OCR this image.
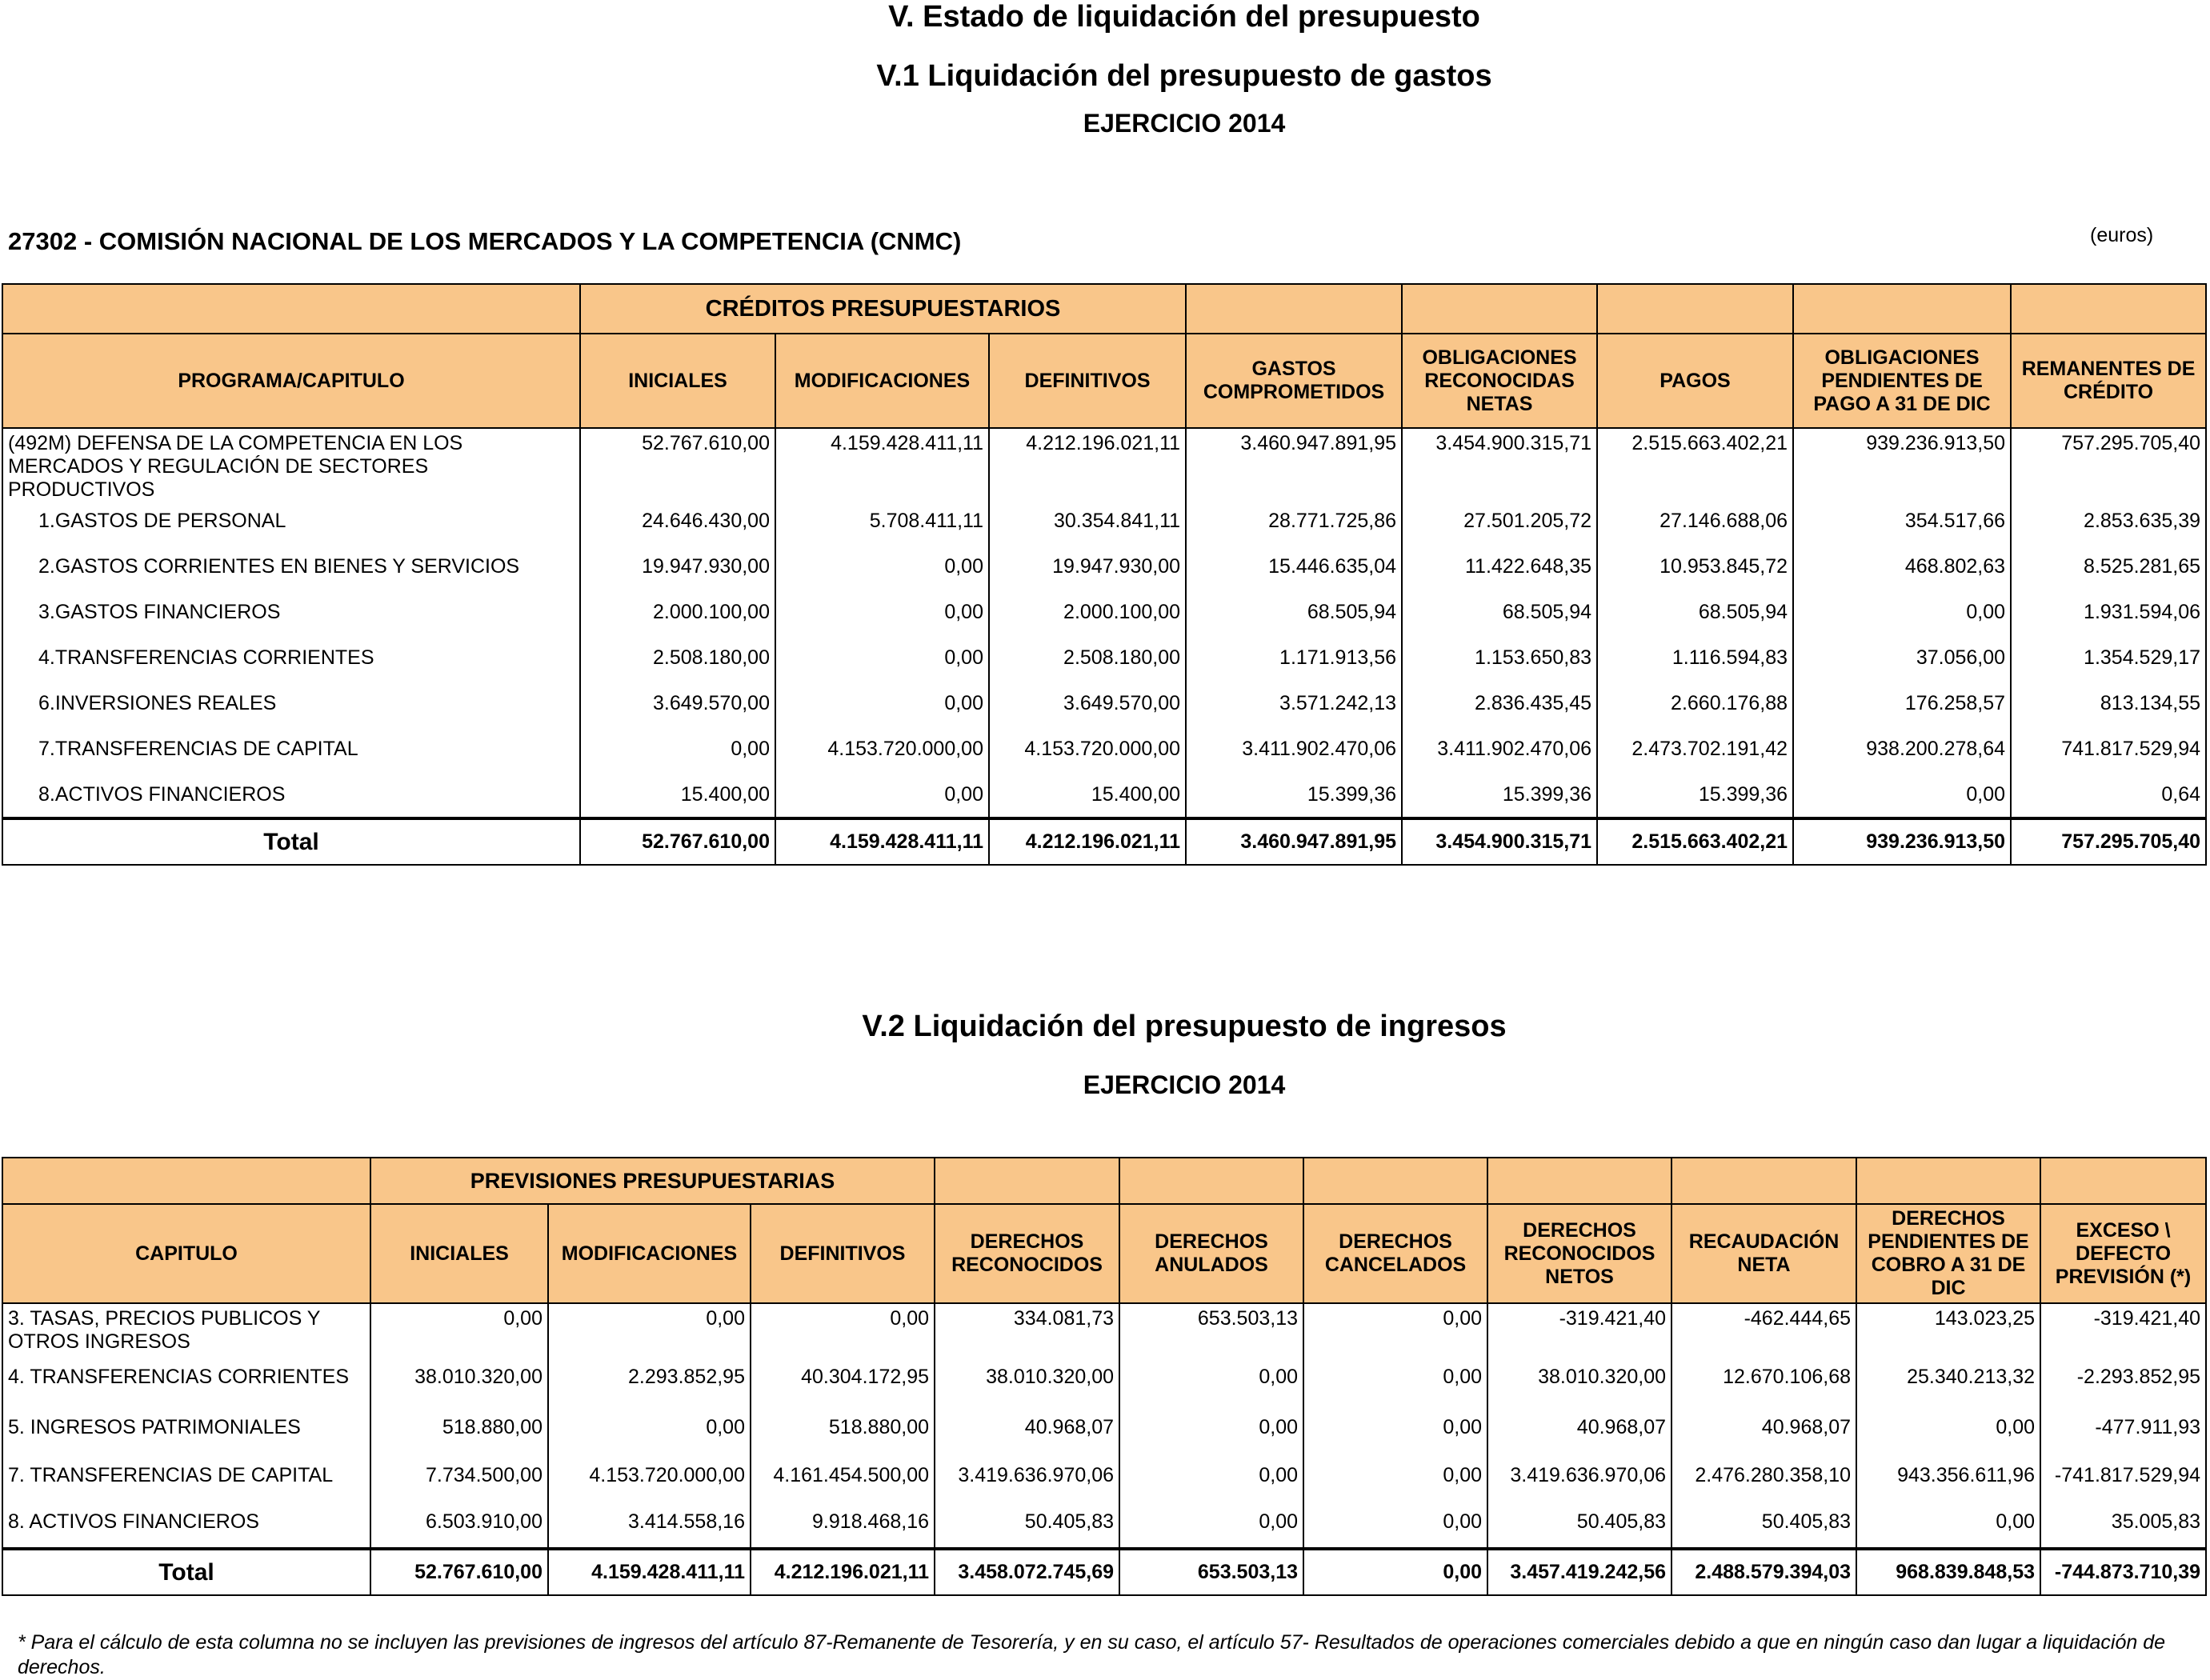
V. Estado de liquidación del presupuesto
V.1 Liquidación del presupuesto de gastos
EJERCICIO 2014
27302 - COMISIÓN NACIONAL DE LOS MERCADOS Y LA COMPETENCIA (CNMC)	(euros)
	CRÉDITOS PRESUPUESTARIOS							
PROGRAMA/CAPITULO	INICIALES	MODIFICACIONES	DEFINITIVOS	GASTOS COMPROMETIDOS	OBLIGACIONES RECONOCIDAS NETAS	PAGOS	OBLIGACIONES PENDIENTES DE PAGO A 31 DE DIC	REMANENTES DE CRÉDITO
(492M) DEFENSA DE LA COMPETENCIA EN LOS MERCADOS Y REGULACIÓN DE SECTORES PRODUCTIVOS	52.767.610,00	4.159.428.411,11	4.212.196.021,11	3.460.947.891,95	3.454.900.315,71	2.515.663.402,21	939.236.913,50	757.295.705,40
1.GASTOS DE PERSONAL	24.646.430,00	5.708.411,11	30.354.841,11	28.771.725,86	27.501.205,72	27.146.688,06	354.517,66	2.853.635,39
2.GASTOS CORRIENTES EN BIENES Y SERVICIOS	19.947.930,00	0,00	19.947.930,00	15.446.635,04	11.422.648,35	10.953.845,72	468.802,63	8.525.281,65
3.GASTOS FINANCIEROS	2.000.100,00	0,00	2.000.100,00	68.505,94	68.505,94	68.505,94	0,00	1.931.594,06
4.TRANSFERENCIAS CORRIENTES	2.508.180,00	0,00	2.508.180,00	1.171.913,56	1.153.650,83	1.116.594,83	37.056,00	1.354.529,17
6.INVERSIONES REALES	3.649.570,00	0,00	3.649.570,00	3.571.242,13	2.836.435,45	2.660.176,88	176.258,57	813.134,55
7.TRANSFERENCIAS DE CAPITAL	0,00	4.153.720.000,00	4.153.720.000,00	3.411.902.470,06	3.411.902.470,06	2.473.702.191,42	938.200.278,64	741.817.529,94
8.ACTIVOS FINANCIEROS	15.400,00	0,00	15.400,00	15.399,36	15.399,36	15.399,36	0,00	0,64
Total	52.767.610,00	4.159.428.411,11	4.212.196.021,11	3.460.947.891,95	3.454.900.315,71	2.515.663.402,21	939.236.913,50	757.295.705,40
V.2 Liquidación del presupuesto de ingresos
EJERCICIO 2014
	PREVISIONES PRESUPUESTARIAS									
CAPITULO	INICIALES	MODIFICACIONES	DEFINITIVOS	DERECHOS RECONOCIDOS	DERECHOS ANULADOS	DERECHOS CANCELADOS	DERECHOS RECONOCIDOS NETOS	RECAUDACIÓN NETA	DERECHOS PENDIENTES DE COBRO A 31 DE DIC	EXCESO \ DEFECTO PREVISIÓN (*)
3. TASAS, PRECIOS PUBLICOS Y OTROS INGRESOS	0,00	0,00	0,00	334.081,73	653.503,13	0,00	-319.421,40	-462.444,65	143.023,25	-319.421,40
4. TRANSFERENCIAS CORRIENTES	38.010.320,00	2.293.852,95	40.304.172,95	38.010.320,00	0,00	0,00	38.010.320,00	12.670.106,68	25.340.213,32	-2.293.852,95
5. INGRESOS PATRIMONIALES	518.880,00	0,00	518.880,00	40.968,07	0,00	0,00	40.968,07	40.968,07	0,00	-477.911,93
7. TRANSFERENCIAS DE CAPITAL	7.734.500,00	4.153.720.000,00	4.161.454.500,00	3.419.636.970,06	0,00	0,00	3.419.636.970,06	2.476.280.358,10	943.356.611,96	-741.817.529,94
8. ACTIVOS FINANCIEROS	6.503.910,00	3.414.558,16	9.918.468,16	50.405,83	0,00	0,00	50.405,83	50.405,83	0,00	35.005,83
Total	52.767.610,00	4.159.428.411,11	4.212.196.021,11	3.458.072.745,69	653.503,13	0,00	3.457.419.242,56	2.488.579.394,03	968.839.848,53	-744.873.710,39
* Para el cálculo de esta columna no se incluyen las previsiones de ingresos del artículo 87-Remanente de Tesorería, y en su caso, el artículo 57- Resultados de operaciones comerciales debido a que en ningún caso dan lugar a liquidación de derechos.
